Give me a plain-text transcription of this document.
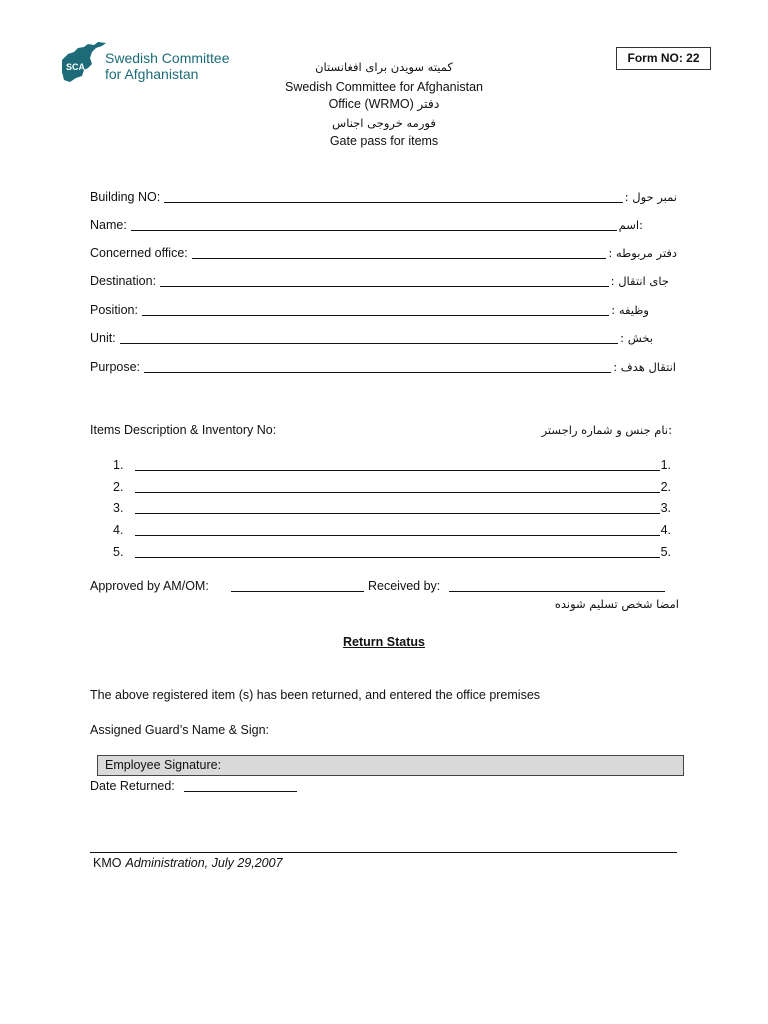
SCA
Swedish Committee
for Afghanistan	کمیته سویدن برای افغانستان
Swedish Committee for Afghanistan
Office (WRMO) دفتر
فورمه خروجی اجناس
Gate pass for items
Form NO: 22
Building NO:	: نمبر حول
Name:	اسم:
Concerned office:	: دفتر مربوطه
Destination:	: جای انتقال
Position:	: وظیفه
Unit:	: بخش
Purpose:	: انتقال هدف
Items Description & Inventory No:	نام جنس و شماره راجستر:
1.	1.
2.	2.
3.	3.
4.	4.
5.	5.
Approved by AM/OM:	Received by:
امضا شخص تسلیم شونده
Return Status
The above registered item (s) has been returned, and entered the office premises
Assigned Guard’s Name & Sign:
Employee Signature:
Date Returned:
KMO Administration, July 29,2007
